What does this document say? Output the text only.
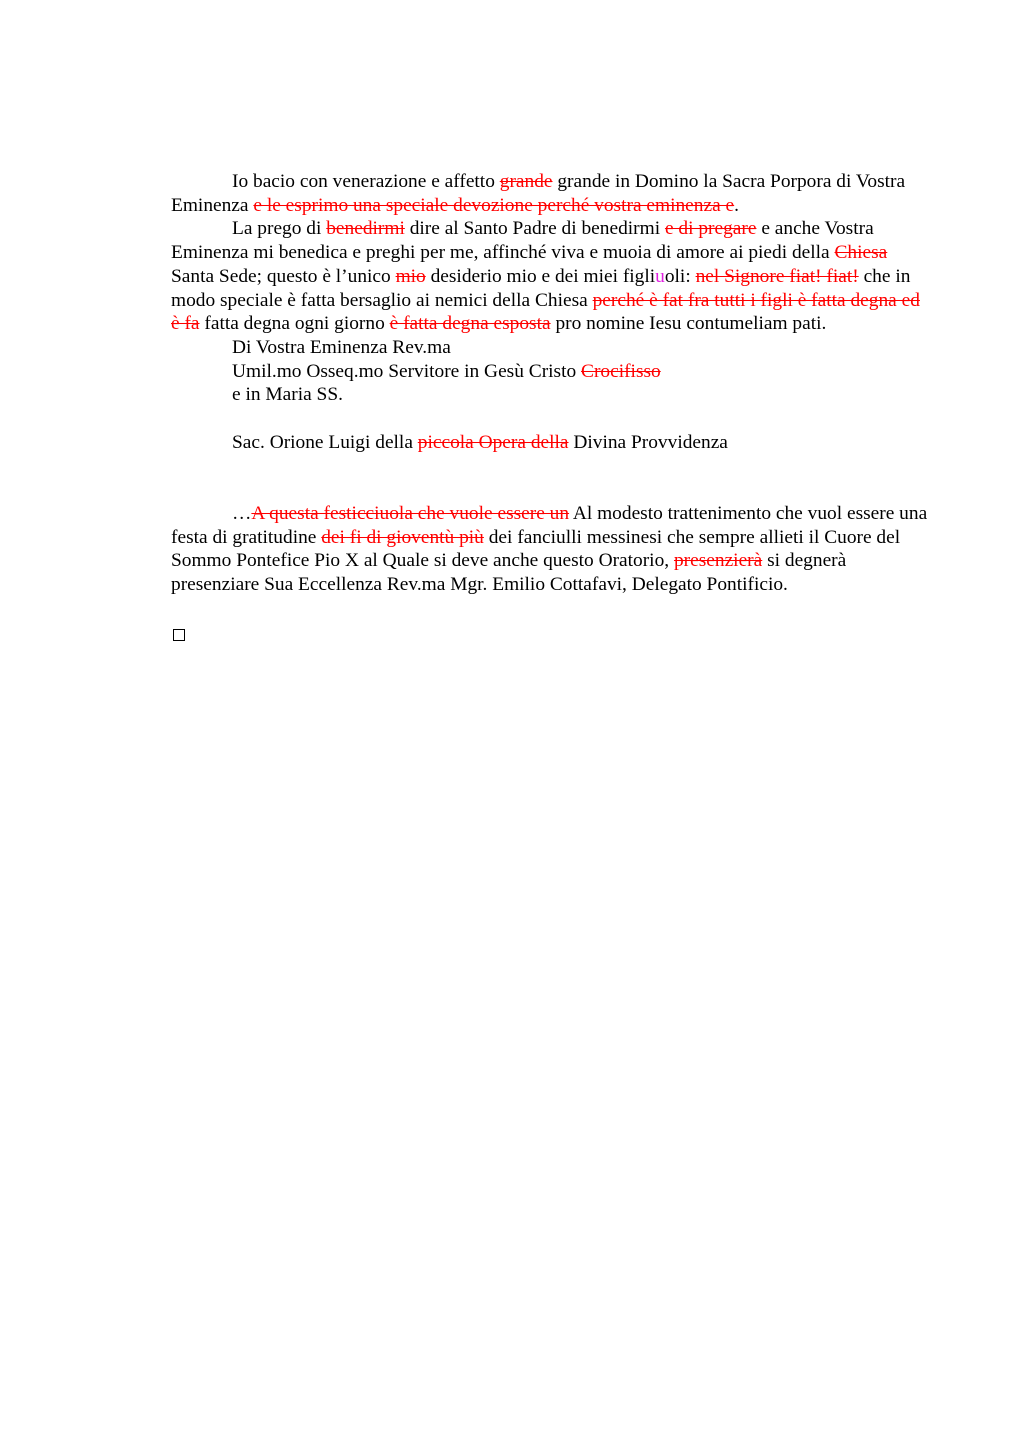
Io bacio con venerazione e affetto grande grande in Domino la Sacra Porpora di Vostra Eminenza e le esprimo una speciale devozione perché vostra eminenza e.

La prego di benedirmi dire al Santo Padre di benedirmi e di pregare e anche Vostra Eminenza mi benedica e preghi per me, affinché viva e muoia di amore ai piedi della Chiesa Santa Sede; questo è l’unico mio desiderio mio e dei miei figliuoli: nel Signore fiat! fiat! che in modo speciale è fatta bersaglio ai nemici della Chiesa perché è fat fra tutti i figli è fatta degna ed è fa fatta degna ogni giorno è fatta degna esposta pro nomine Iesu contumeliam pati.

Di Vostra Eminenza Rev.ma

Umil.mo Osseq.mo Servitore in Gesù Cristo Crocifisso

e in Maria SS.

Sac. Orione Luigi della piccola Opera della Divina Provvidenza

…A questa festicciuola che vuole essere un Al modesto trattenimento che vuol essere una festa di gratitudine dei fi di gioventù più dei fanciulli messinesi che sempre allieti il Cuore del Sommo Pontefice Pio X al Quale si deve anche questo Oratorio, presenzierà si degnerà presenziare Sua Eccellenza Rev.ma Mgr. Emilio Cottafavi, Delegato Pontificio.
